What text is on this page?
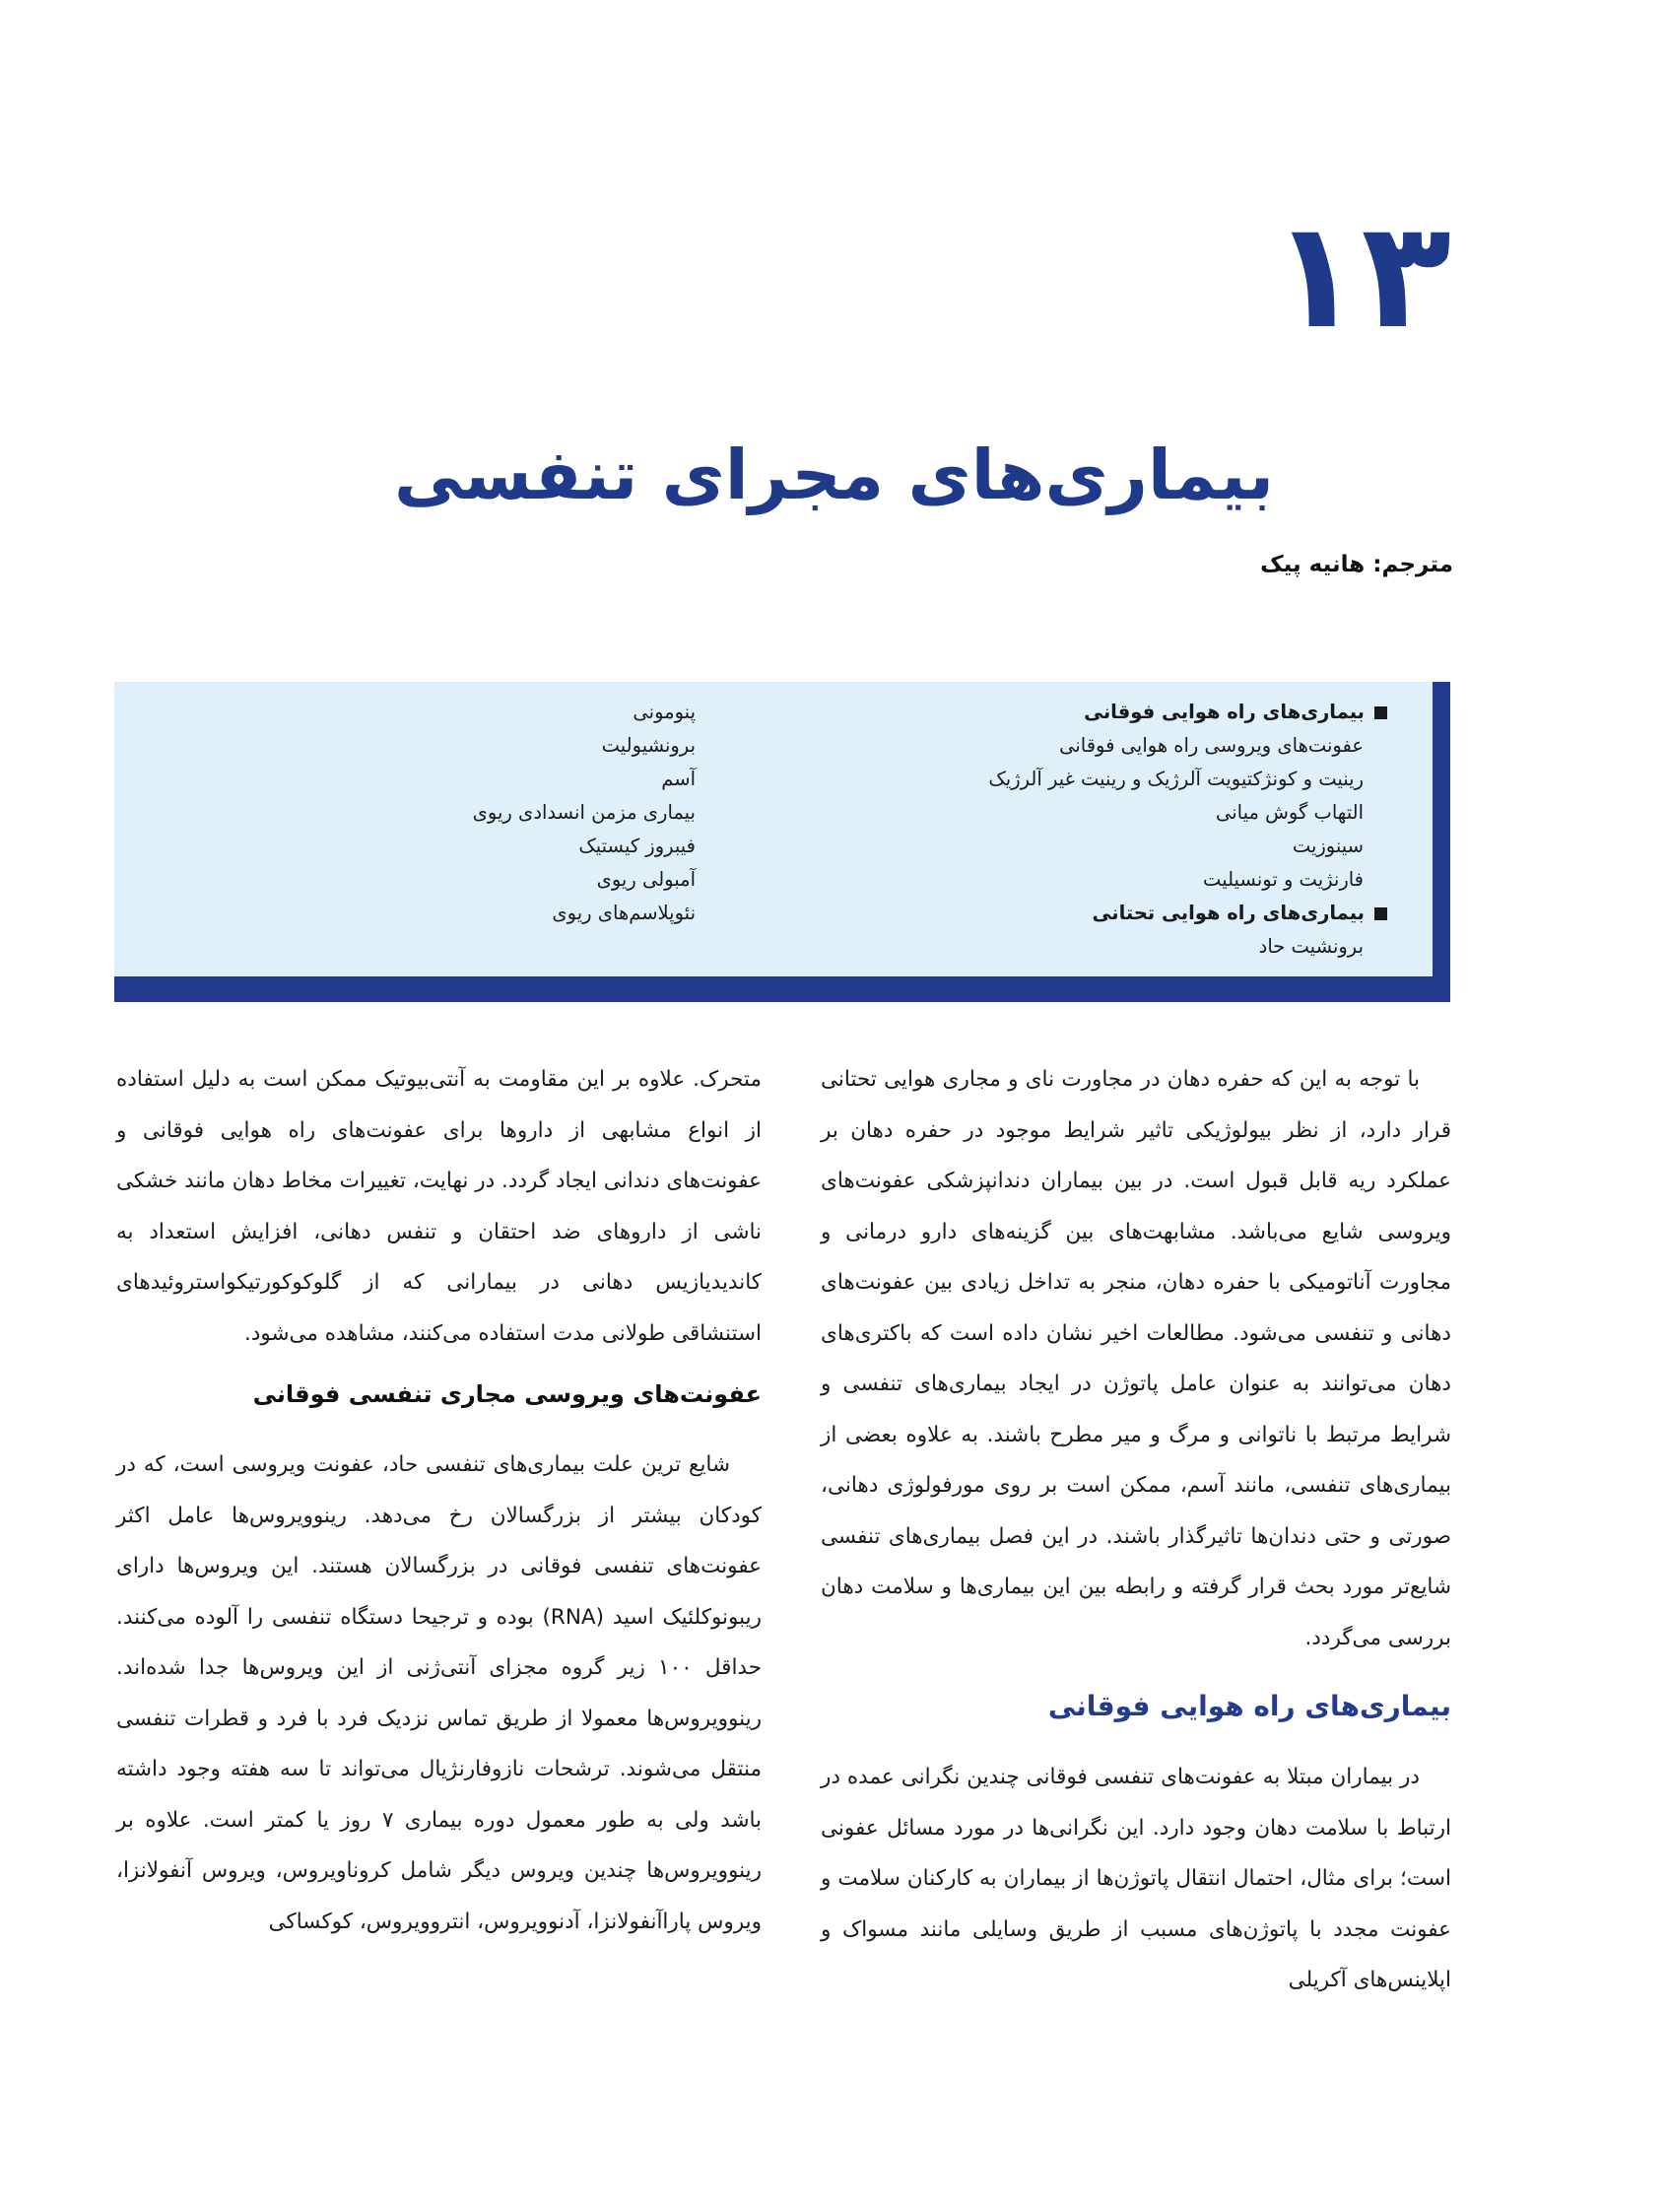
۱۳
بیماری‌های مجرای تنفسی
مترجم: هانیه پیک
بیماری‌های راه هوایی فوقانی
عفونت‌های ویروسی راه هوایی فوقانی
رینیت و کونژکتیویت آلرژیک و رینیت غیر آلرژیک
التهاب گوش میانی
سینوزیت
فارنژیت و تونسیلیت
بیماری‌های راه هوایی تحتانی
برونشیت حاد
پنومونی
برونشیولیت
آسم
بیماری مزمن انسدادی ریوی
فیبروز کیستیک
آمبولی ریوی
نئوپلاسم‌های ریوی

با توجه به این که حفره دهان در مجاورت نای و مجاری هوایی تحتانی قرار دارد، از نظر بیولوژیکی تاثیر شرایط موجود در حفره دهان بر عملکرد ریه قابل قبول است. در بین بیماران دندانپزشکی عفونت‌های ویروسی شایع می‌باشد. مشابهت‌های بین گزینه‌های دارو درمانی و مجاورت آناتومیکی با حفره دهان، منجر به تداخل زیادی بین عفونت‌های دهانی و تنفسی می‌شود. مطالعات اخیر نشان داده است که باکتری‌های دهان می‌توانند به عنوان عامل پاتوژن در ایجاد بیماری‌های تنفسی و شرایط مرتبط با ناتوانی و مرگ و میر مطرح باشند. به علاوه بعضی از بیماری‌های تنفسی، مانند آسم، ممکن است بر روی مورفولوژی دهانی، صورتی و حتی دندان‌ها تاثیرگذار باشند. در این فصل بیماری‌های تنفسی شایع‌تر مورد بحث قرار گرفته و رابطه بین این بیماری‌ها و سلامت دهان بررسی می‌گردد.

بیماری‌های راه هوایی فوقانی

در بیماران مبتلا به عفونت‌های تنفسی فوقانی چندین نگرانی عمده در ارتباط با سلامت دهان وجود دارد. این نگرانی‌ها در مورد مسائل عفونی است؛ برای مثال، احتمال انتقال پاتوژن‌ها از بیماران به کارکنان سلامت و عفونت مجدد با پاتوژن‌های مسبب از طریق وسایلی مانند مسواک و اپلاینس‌های آکریلی

متحرک. علاوه بر این مقاومت به آنتی‌بیوتیک ممکن است به دلیل استفاده از انواع مشابهی از داروها برای عفونت‌های راه هوایی فوقانی و عفونت‌های دندانی ایجاد گردد. در نهایت، تغییرات مخاط دهان مانند خشکی ناشی از داروهای ضد احتقان و تنفس دهانی، افزایش استعداد به کاندیدیازیس دهانی در بیمارانی که از گلوکوکورتیکواستروئیدهای استنشاقی طولانی مدت استفاده می‌کنند، مشاهده می‌شود.

عفونت‌های ویروسی مجاری تنفسی فوقانی

شایع ترین علت بیماری‌های تنفسی حاد، عفونت ویروسی است، که در کودکان بیشتر از بزرگسالان رخ می‌دهد. رینوویروس‌ها عامل اکثر عفونت‌های تنفسی فوقانی در بزرگسالان هستند. این ویروس‌ها دارای ریبونوکلئیک اسید (RNA) بوده و ترجیحا دستگاه تنفسی را آلوده می‌کنند. حداقل ۱۰۰ زیر گروه مجزای آنتی‌ژنی از این ویروس‌ها جدا شده‌اند. رینوویروس‌ها معمولا از طریق تماس نزدیک فرد با فرد و قطرات تنفسی منتقل می‌شوند. ترشحات نازوفارنژیال می‌تواند تا سه هفته وجود داشته باشد ولی به طور معمول دوره بیماری ۷ روز یا کمتر است. علاوه بر رینوویروس‌ها چندین ویروس دیگر شامل کروناویروس، ویروس آنفولانزا، ویروس پاراآنفولانزا، آدنوویروس، انتروویروس، کوکساکی
